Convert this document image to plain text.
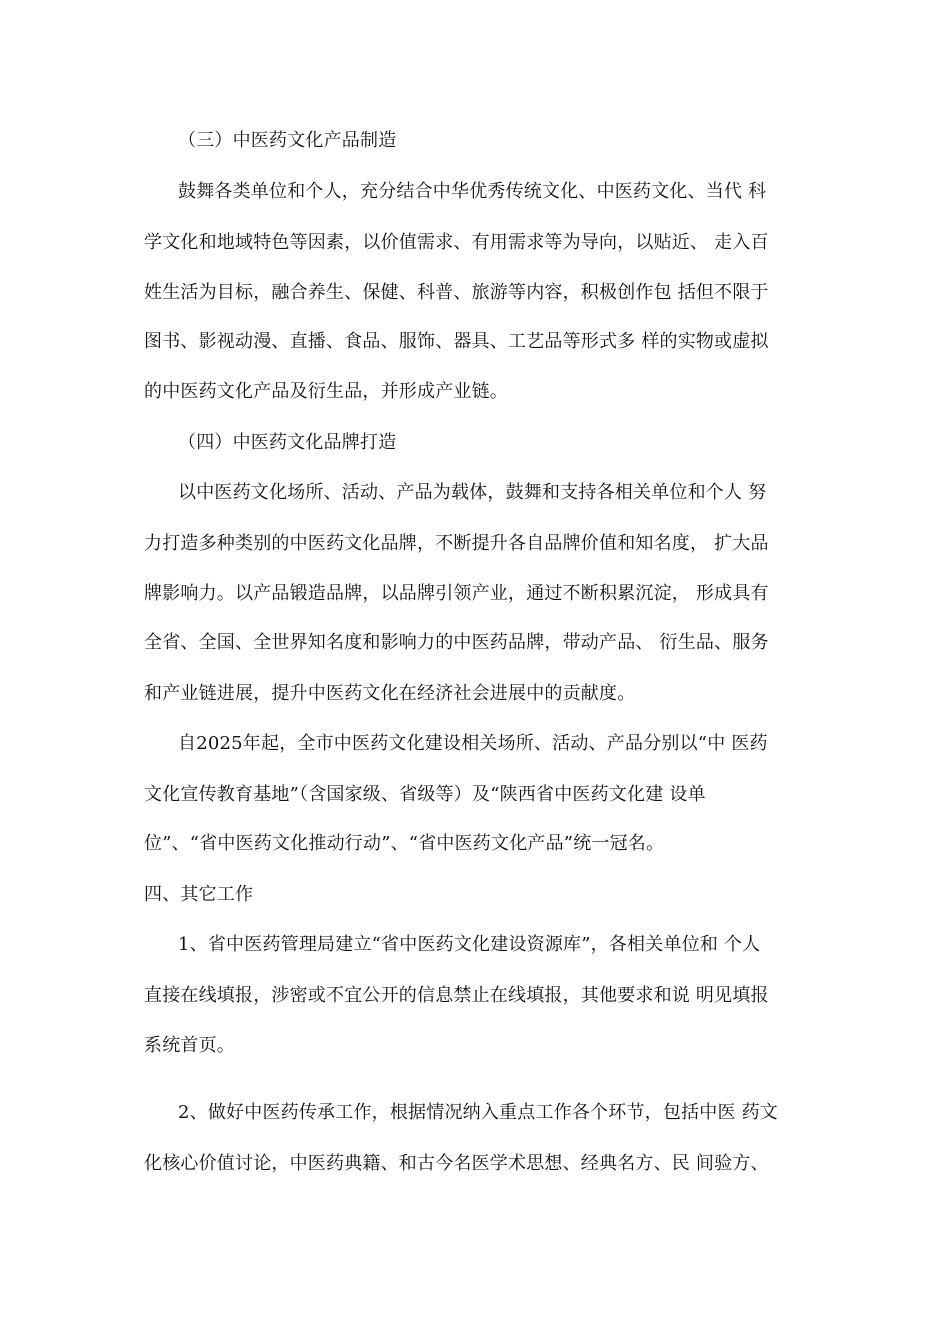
（三）中医药文化产品制造
鼓舞各类单位和个人，充分结合中华优秀传统文化、中医药文化、当代 科
学文化和地域特色等因素，以价值需求、有用需求等为导向，以贴近、 走入百
姓生活为目标，融合养生、保健、科普、旅游等内容，积极创作包 括但不限于
图书、影视动漫、直播、食品、服饰、器具、工艺品等形式多 样的实物或虚拟
的中医药文化产品及衍生品，并形成产业链。
（四）中医药文化品牌打造
以中医药文化场所、活动、产品为载体，鼓舞和支持各相关单位和个人 努
力打造多种类别的中医药文化品牌，不断提升各自品牌价值和知名度， 扩大品
牌影响力。以产品锻造品牌，以品牌引领产业，通过不断积累沉淀， 形成具有
全省、全国、全世界知名度和影响力的中医药品牌，带动产品、 衍生品、服务
和产业链进展，提升中医药文化在经济社会进展中的贡献度。
自2025年起，全市中医药文化建设相关场所、活动、产品分别以“中 医药
文化宣传教育基地”（含国家级、省级等）及“陕西省中医药文化建 设单
位”、“省中医药文化推动行动”、“省中医药文化产品”统一冠名。
四、其它工作
1、省中医药管理局建立“省中医药文化建设资源库”，各相关单位和 个人
直接在线填报，涉密或不宜公开的信息禁止在线填报，其他要求和说 明见填报
系统首页。
2、做好中医药传承工作，根据情况纳入重点工作各个环节，包括中医 药文
化核心价值讨论，中医药典籍、和古今名医学术思想、经典名方、民 间验方、
